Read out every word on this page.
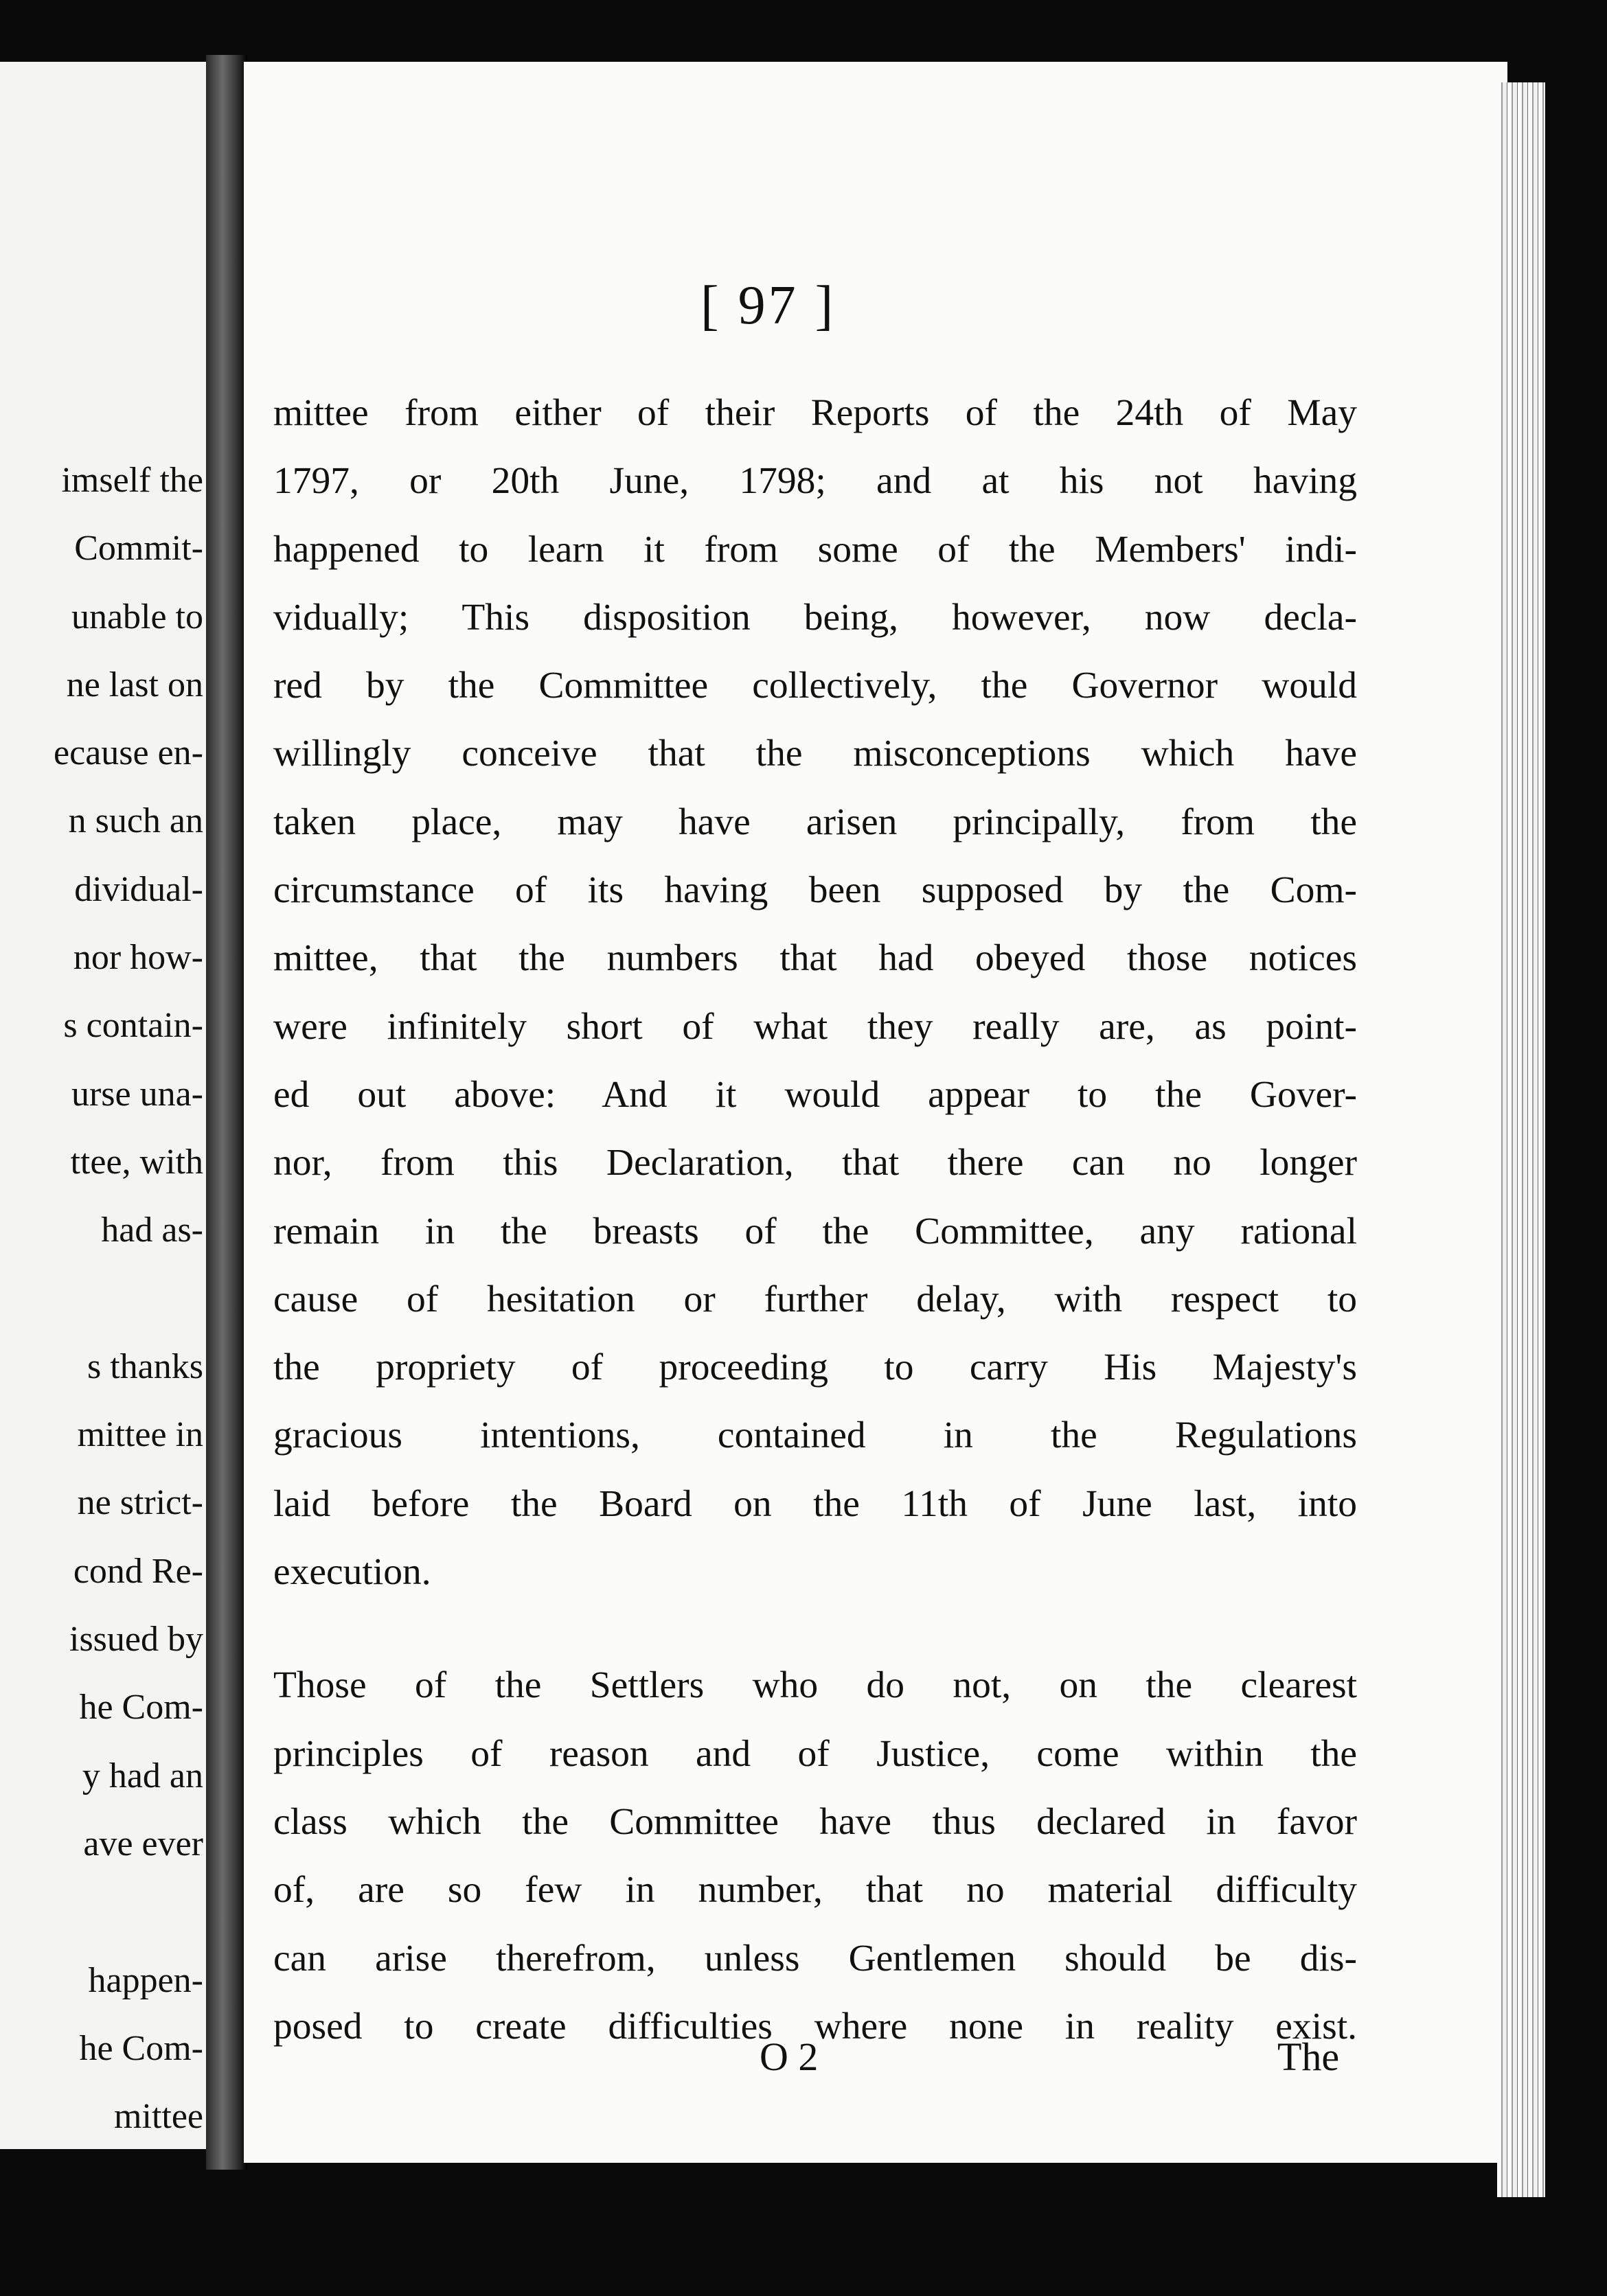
imself the
Commit-
unable to
ne last on
ecause en-
n such an
dividual-
nor how-
s contain-
urse una-
ttee, with
had as-
s thanks
mittee in
ne strict-
cond Re-
issued by
he Com-
y had an
ave ever
happen-
he Com-
mittee
[ 97 ]
mittee from either of their Reports of the 24th of May
1797, or 20th June, 1798; and at his not having
happened to learn it from some of the Members' indi-
vidually; This disposition being, however, now decla-
red by the Committee collectively, the Governor would
willingly conceive that the misconceptions which have
taken place, may have arisen principally, from the
circumstance of its having been supposed by the Com-
mittee, that the numbers that had obeyed those notices
were infinitely short of what they really are, as point-
ed out above: And it would appear to the Gover-
nor, from this Declaration, that there can no longer
remain in the breasts of the Committee, any rational
cause of hesitation or further delay, with respect to
the propriety of proceeding to carry His Majesty's
gracious intentions, contained in the Regulations
laid before the Board on the 11th of June last, into
execution.
Those of the Settlers who do not, on the clearest
principles of reason and of Justice, come within the
class which the Committee have thus declared in favor
of, are so few in number, that no material difficulty
can arise therefrom, unless Gentlemen should be dis-
posed to create difficulties where none in reality exist.
O 2	The
